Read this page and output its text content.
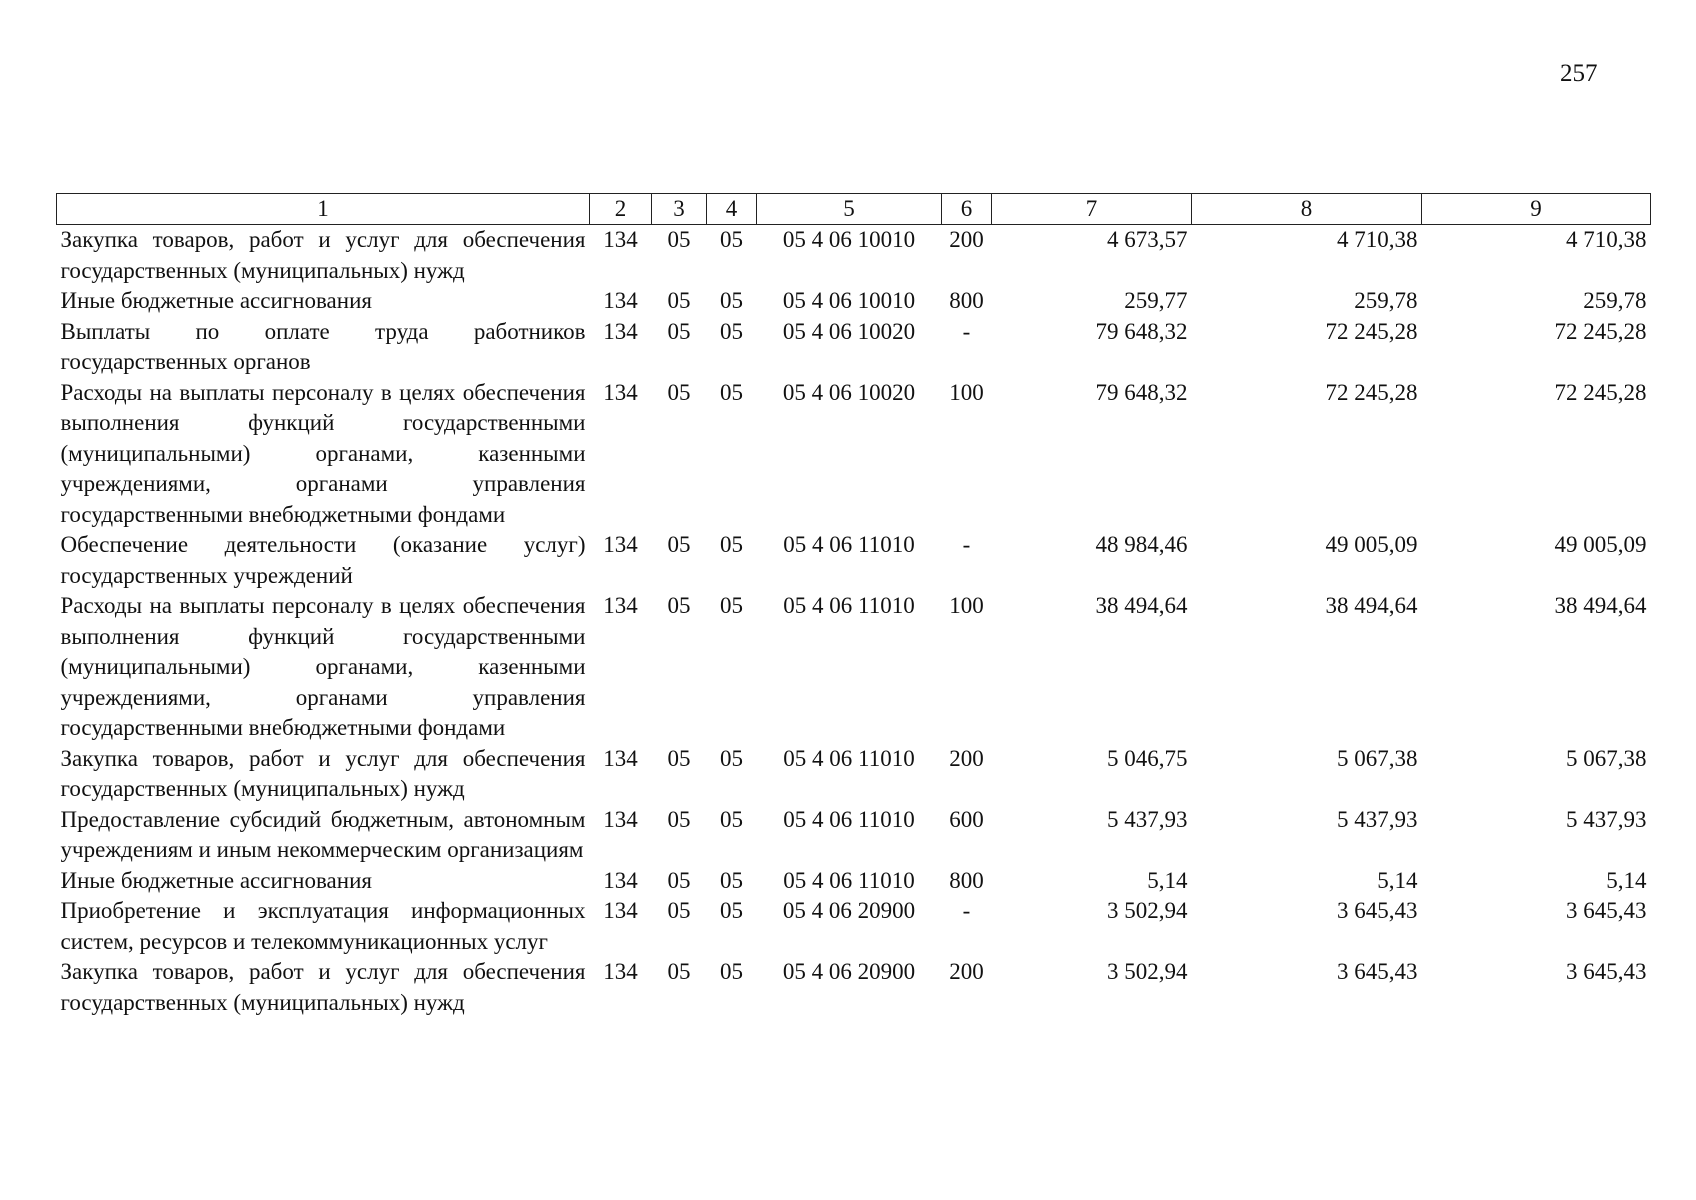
257
1	2	3	4	5	6	7	8	9
Закупка товаров, работ и услуг для обеспечения государственных (муниципальных) нужд	134	05	05	05 4 06 10010	200	4 673,57	4 710,38	4 710,38
Иные бюджетные ассигнования	134	05	05	05 4 06 10010	800	259,77	259,78	259,78
Выплаты по оплате труда работников государственных органов	134	05	05	05 4 06 10020	-	79 648,32	72 245,28	72 245,28
Расходы на выплаты персоналу в целях обеспечения выполнения функций государственными (муниципальными) органами, казенными учреждениями, органами управления государственными внебюджетными фондами	134	05	05	05 4 06 10020	100	79 648,32	72 245,28	72 245,28
Обеспечение деятельности (оказание услуг) государственных учреждений	134	05	05	05 4 06 11010	-	48 984,46	49 005,09	49 005,09
Расходы на выплаты персоналу в целях обеспечения выполнения функций государственными (муниципальными) органами, казенными учреждениями, органами управления государственными внебюджетными фондами	134	05	05	05 4 06 11010	100	38 494,64	38 494,64	38 494,64
Закупка товаров, работ и услуг для обеспечения государственных (муниципальных) нужд	134	05	05	05 4 06 11010	200	5 046,75	5 067,38	5 067,38
Предоставление субсидий бюджетным, автономным учреждениям и иным некоммерческим организациям	134	05	05	05 4 06 11010	600	5 437,93	5 437,93	5 437,93
Иные бюджетные ассигнования	134	05	05	05 4 06 11010	800	5,14	5,14	5,14
Приобретение и эксплуатация информационных систем, ресурсов и телекоммуникационных услуг	134	05	05	05 4 06 20900	-	3 502,94	3 645,43	3 645,43
Закупка товаров, работ и услуг для обеспечения государственных (муниципальных) нужд	134	05	05	05 4 06 20900	200	3 502,94	3 645,43	3 645,43
